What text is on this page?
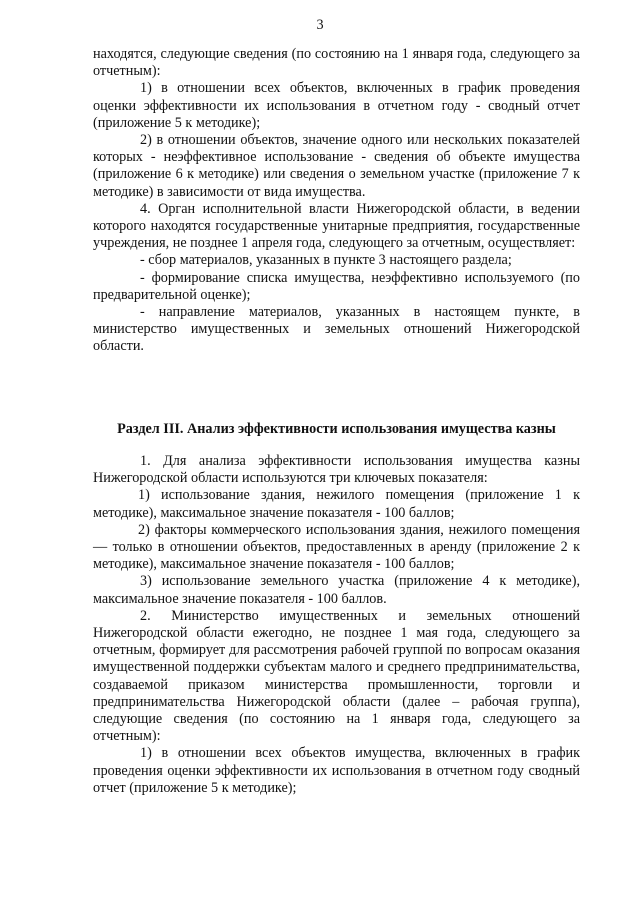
3

находятся, следующие сведения (по состоянию на 1 января года, следующего за отчетным):

1) в отношении всех объектов, включенных в график проведения оценки эффективности их использования в отчетном году - сводный отчет (приложение 5 к методике);

2) в отношении объектов, значение одного или нескольких показателей которых - неэффективное использование - сведения об объекте имущества (приложение 6 к методике) или сведения о земельном участке (приложение 7 к методике) в зависимости от вида имущества.

4. Орган исполнительной власти Нижегородской области, в ведении которого находятся государственные унитарные предприятия, государственные учреждения, не позднее 1 апреля года, следующего за отчетным, осуществляет:

- сбор материалов, указанных в пункте 3 настоящего раздела;

- формирование списка имущества, неэффективно используемого (по предварительной оценке);

- направление материалов, указанных в настоящем пункте, в министерство имущественных и земельных отношений Нижегородской области.

Раздел III. Анализ эффективности использования имущества казны

1. Для анализа эффективности использования имущества казны Нижегородской области используются три ключевых показателя:

1) использование здания, нежилого помещения (приложение 1 к методике), максимальное значение показателя - 100 баллов;

2) факторы коммерческого использования здания, нежилого помещения — только в отношении объектов, предоставленных в аренду (приложение 2 к методике), максимальное значение показателя - 100 баллов;

3) использование земельного участка (приложение 4 к методике), максимальное значение показателя - 100 баллов.

2. Министерство имущественных и земельных отношений Нижегородской области ежегодно, не позднее 1 мая года, следующего за отчетным, формирует для рассмотрения рабочей группой по вопросам оказания имущественной поддержки субъектам малого и среднего предпринимательства, создаваемой приказом министерства промышленности, торговли и предпринимательства Нижегородской области (далее – рабочая группа), следующие сведения (по состоянию на 1 января года, следующего за отчетным):

1) в отношении всех объектов имущества, включенных в график проведения оценки эффективности их использования в отчетном году сводный отчет (приложение 5 к методике);
